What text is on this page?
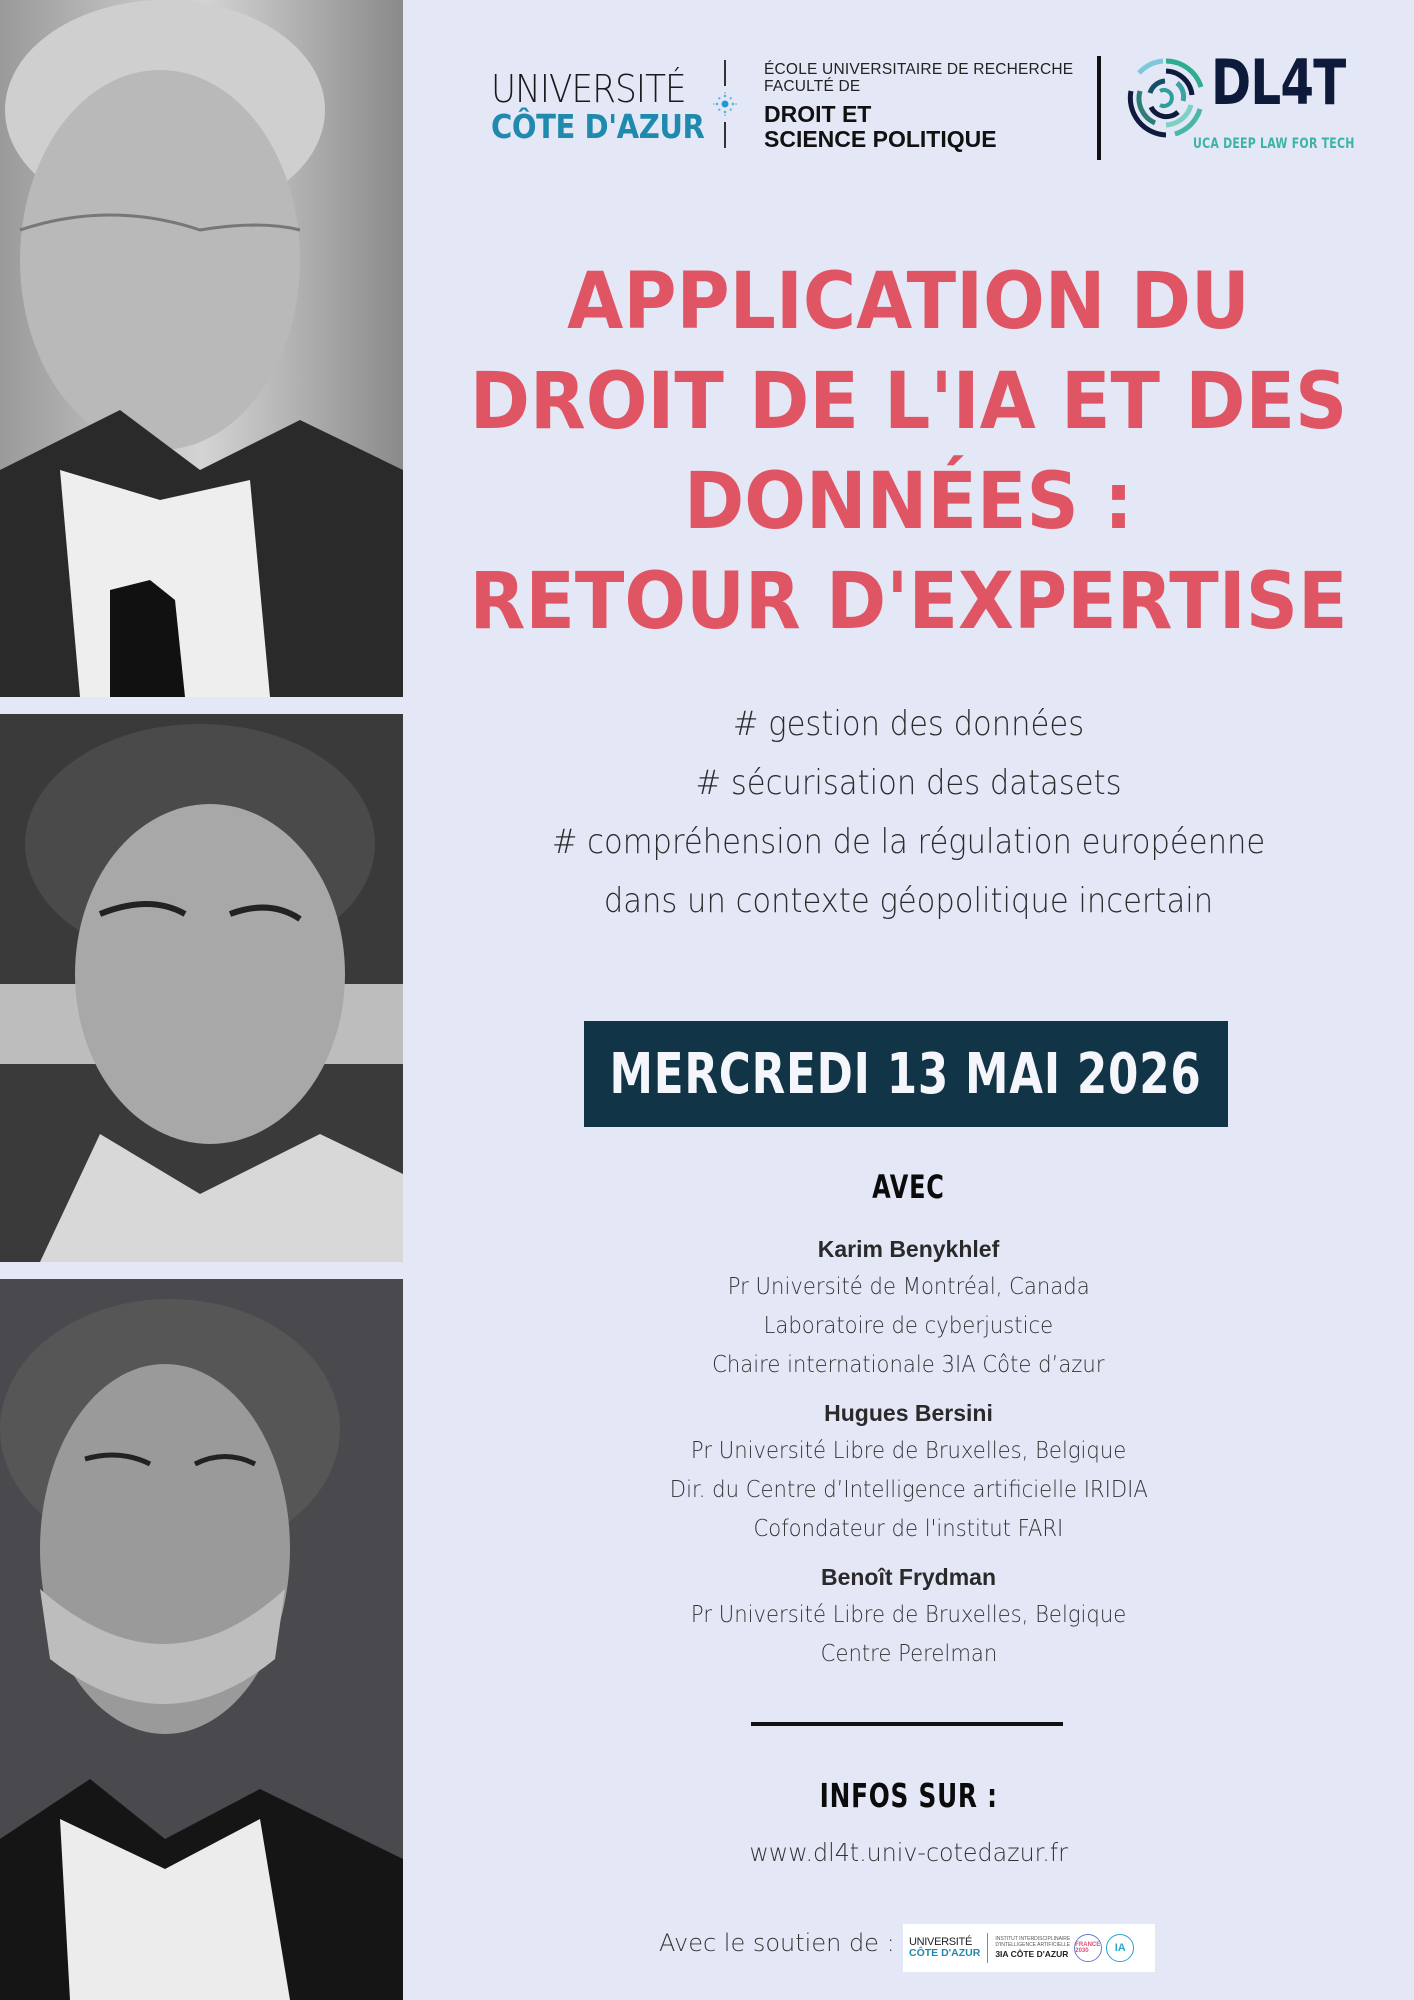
UNIVERSITÉ
CÔTE D'AZUR
ÉCOLE UNIVERSITAIRE DE RECHERCHE
FACULTÉ DE
DROIT ET
SCIENCE POLITIQUE
DL4T
UCA DEEP LAW FOR TECH
APPLICATION DU
DROIT DE L'IA ET DES
DONNÉES :
RETOUR D'EXPERTISE
# gestion des données
# sécurisation des datasets
# compréhension de la régulation européenne
dans un contexte géopolitique incertain
MERCREDI 13 MAI 2026
AVEC
Karim Benykhlef
Pr Université de Montréal, Canada
Laboratoire de cyberjustice
Chaire internationale 3IA Côte d’azur
Hugues Bersini
Pr Université Libre de Bruxelles, Belgique
Dir. du Centre d’Intelligence artificielle IRIDIA
Cofondateur de l'institut FARI
Benoît Frydman
Pr Université Libre de Bruxelles, Belgique
Centre Perelman
INFOS SUR :
www.dl4t.univ-cotedazur.fr
Avec le soutien de : UNIVERSITÉ
CÔTE D'AZUR
INSTITUT INTERDISCIPLINAIRE
D'INTELLIGENCE ARTIFICIELLE
3IA CÔTE D'AZUR
FRANCE 2030	IA
